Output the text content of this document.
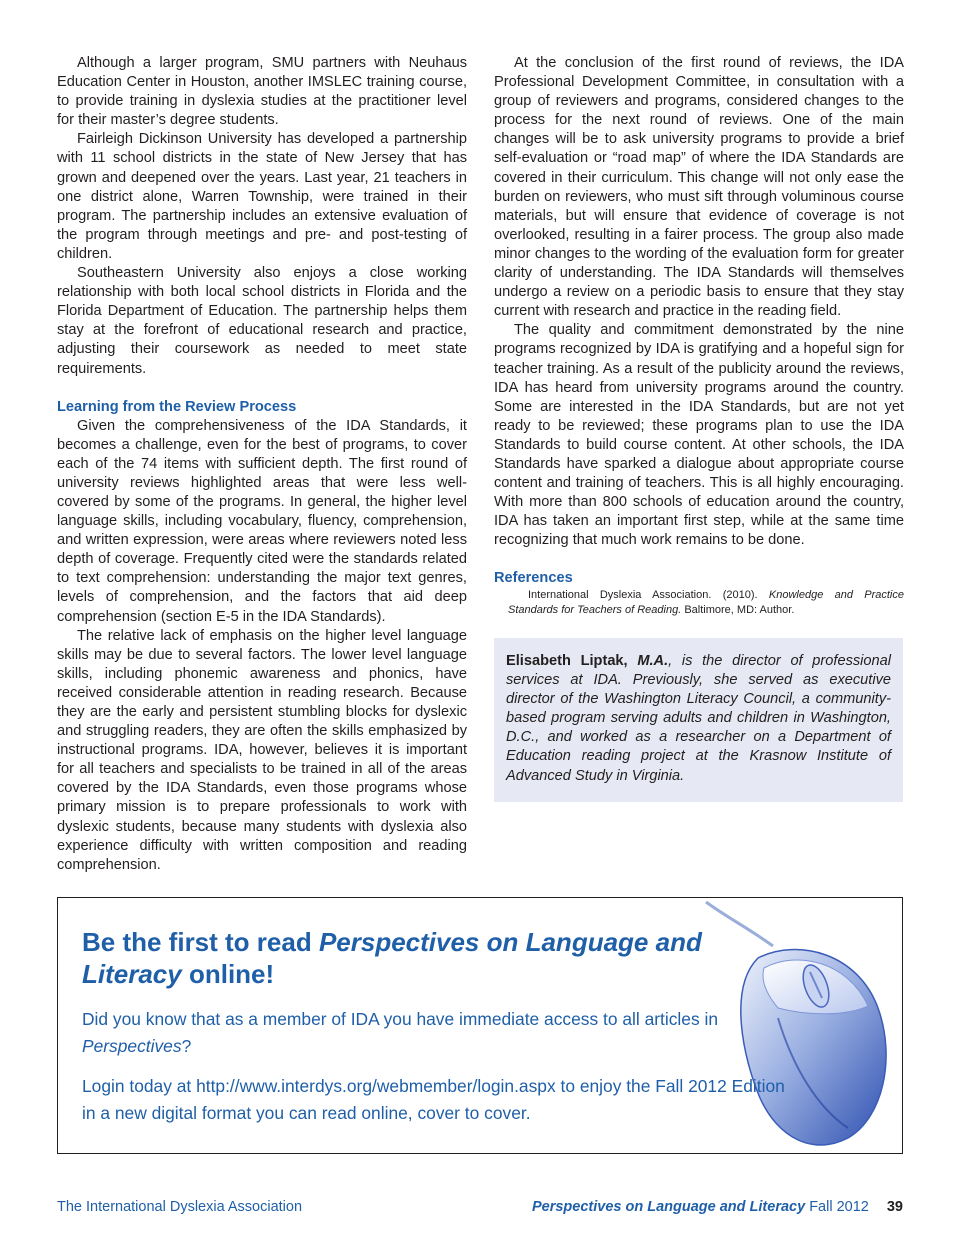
Although a larger program, SMU partners with Neuhaus Education Center in Houston, another IMSLEC training course, to provide training in dyslexia studies at the practitioner level for their master’s degree students.

Fairleigh Dickinson University has developed a partnership with 11 school districts in the state of New Jersey that has grown and deepened over the years. Last year, 21 teachers in one district alone, Warren Township, were trained in their program. The partnership includes an extensive evaluation of the program through meetings and pre- and post-testing of children.

Southeastern University also enjoys a close working relationship with both local school districts in Florida and the Florida Department of Education. The partnership helps them stay at the forefront of educational research and practice, adjusting their coursework as needed to meet state requirements.

Learning from the Review Process

Given the comprehensiveness of the IDA Standards, it becomes a challenge, even for the best of programs, to cover each of the 74 items with sufficient depth. The first round of university reviews highlighted areas that were less well-covered by some of the programs. In general, the higher level language skills, including vocabulary, fluency, comprehension, and written expression, were areas where reviewers noted less depth of coverage. Frequently cited were the standards related to text comprehension: understanding the major text genres, levels of comprehension, and the factors that aid deep comprehension (section E-5 in the IDA Standards).

The relative lack of emphasis on the higher level language skills may be due to several factors. The lower level language skills, including phonemic awareness and phonics, have received considerable attention in reading research. Because they are the early and persistent stumbling blocks for dyslexic and struggling readers, they are often the skills emphasized by instructional programs. IDA, however, believes it is important for all teachers and specialists to be trained in all of the areas covered by the IDA Standards, even those programs whose primary mission is to prepare professionals to work with dyslexic students, because many students with dyslexia also experience difficulty with written composition and reading comprehension.

At the conclusion of the first round of reviews, the IDA Professional Development Committee, in consultation with a group of reviewers and programs, considered changes to the process for the next round of reviews. One of the main changes will be to ask university programs to provide a brief self-evaluation or “road map” of where the IDA Standards are covered in their curriculum. This change will not only ease the burden on reviewers, who must sift through voluminous course materials, but will ensure that evidence of coverage is not overlooked, resulting in a fairer process. The group also made minor changes to the wording of the evaluation form for greater clarity of understanding. The IDA Standards will themselves undergo a review on a periodic basis to ensure that they stay current with research and practice in the reading field.

The quality and commitment demonstrated by the nine programs recognized by IDA is gratifying and a hopeful sign for teacher training. As a result of the publicity around the reviews, IDA has heard from university programs around the country. Some are interested in the IDA Standards, but are not yet ready to be reviewed; these programs plan to use the IDA Standards to build course content. At other schools, the IDA Standards have sparked a dialogue about appropriate course content and training of teachers. This is all highly encouraging. With more than 800 schools of education around the country, IDA has taken an important first step, while at the same time recognizing that much work remains to be done.

References

International Dyslexia Association. (2010). Knowledge and Practice Standards for Teachers of Reading. Baltimore, MD: Author.

Elisabeth Liptak, M.A., is the director of professional services at IDA. Previously, she served as executive director of the Washington Literacy Council, a community-based program serving adults and children in Washington, D.C., and worked as a researcher on a Department of Education reading project at the Krasnow Institute of Advanced Study in Virginia.
Be the first to read Perspectives on Language and Literacy online!

Did you know that as a member of IDA you have immediate access to all articles in Perspectives?

Login today at http://www.interdys.org/webmember/login.aspx to enjoy the Fall 2012 Edition in a new digital format you can read online, cover to cover.

The International Dyslexia Association	Perspectives on Language and Literacy Fall 2012 39
